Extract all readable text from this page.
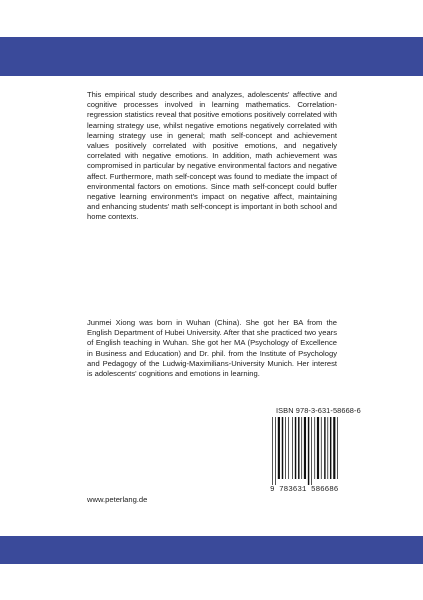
This empirical study describes and analyzes, adolescents' affective and cognitive processes involved in learning mathematics. Correlation-regression statistics reveal that positive emotions positively correlated with learning strategy use, whilst negative emotions negatively correlated with learning strategy use in general; math self-concept and achievement values positively correlated with positive emotions, and negatively correlated with negative emotions. In addition, math achievement was compromised in particular by negative environmental factors and negative affect. Furthermore, math self-concept was found to mediate the impact of environmental factors on emotions. Since math self-concept could buffer negative learning environment's impact on negative affect, maintaining and enhancing students' math self-concept is important in both school and home contexts.

Junmei Xiong was born in Wuhan (China). She got her BA from the English Department of Hubei University. After that she practiced two years of English teaching in Wuhan. She got her MA (Psychology of Excellence in Business and Education) and Dr. phil. from the Institute of Psychology and Pedagogy of the Ludwig-Maximilians-University Munich. Her interest is adolescents' cognitions and emotions in learning.

ISBN 978-3-631-58668-6
9 783631 586686
www.peterlang.de
